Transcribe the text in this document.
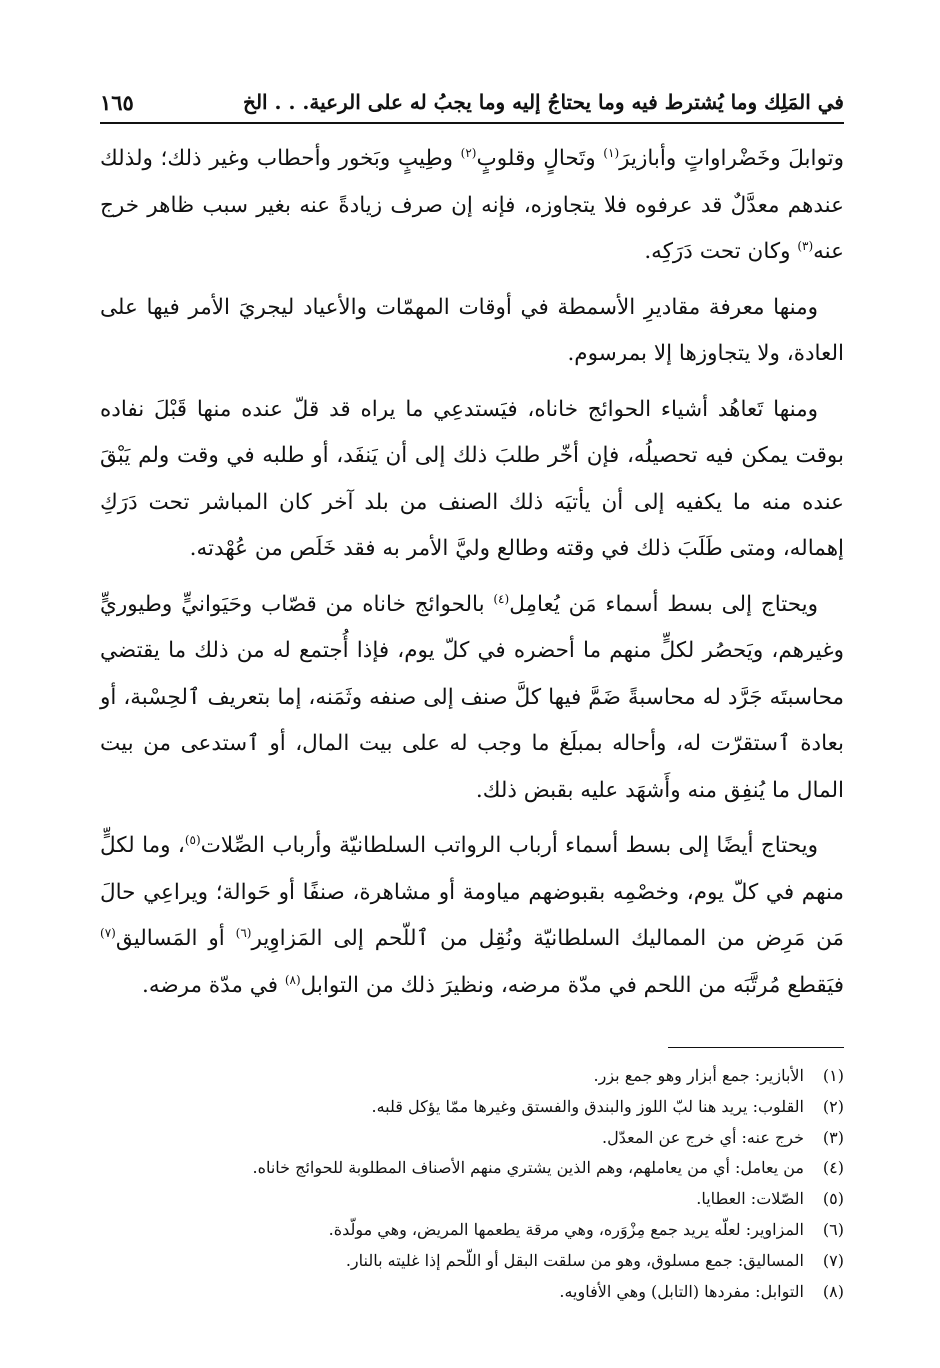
في المَلِك وما يُشترط فيه وما يحتاجُ إليه وما يجبُ له على الرعية. . . الخ
١٦٥

وتوابلَ وخَضْراواتٍ وأبازيرَ$^{(١)}$ وتَحالٍ وقلوبٍ$^{(٢)}$ وطِيبٍ وبَخور وأحطاب وغير ذلك؛ ولذلك عندهم معدَّلٌ قد عرفوه فلا يتجاوزه، فإنه إن صرف زيادةً عنه بغير سبب ظاهر خرج عنه$^{(٣)}$ وكان تحت دَرَكِه.

ومنها معرفة مقاديرِ الأسمطة في أوقات المهمّات والأعياد ليجريَ الأمر فيها على العادة، ولا يتجاوزها إلا بمرسوم.

ومنها تَعاهُد أشياء الحوائج خاناه، فيَستدعِي ما يراه قد قلّ عنده منها قَبْلَ نفاده بوقت يمكن فيه تحصيلُه، فإن أخّر طلبَ ذلك إلى أن يَنفَد، أو طلبه في وقت ولم يَبْقَ عنده منه ما يكفيه إلى أن يأتيَه ذلك الصنف من بلد آخر كان المباشر تحت دَرَكِ إهماله، ومتى طَلَبَ ذلك في وقته وطالع وليَّ الأمر به فقد خَلَص من عُهْدته.

ويحتاج إلى بسط أسماء مَن يُعامِل$^{(٤)}$ بالحوائج خاناه من قصّاب وحَيَوانيٍّ وطيوريٍّ وغيرهم، ويَحصُر لكلٍّ منهم ما أحضره في كلّ يوم، فإذا أُجتمع له من ذلك ما يقتضي محاسبتَه جَرَّد له محاسبةً ضَمَّ فيها كلَّ صنف إلى صنفه وثَمَنه، إما بتعريف ٱلحِسْبة، أو بعادة ٱستقرّت له، وأحاله بمبلَغ ما وجب له على بيت المال، أو ٱستدعى من بيت المال ما يُنفِق منه وأَشهَد عليه بقبض ذلك.

ويحتاج أيضًا إلى بسط أسماء أرباب الرواتب السلطانيّة وأرباب الصِّلات$^{(٥)}$، وما لكلٍّ منهم في كلّ يوم، وخصْمِه بقبوضهم مياومة أو مشاهرة، صنفًا أو حَوالة؛ ويراعِي حالَ مَن مَرِض من المماليك السلطانيّة ونُقِل من ٱللّحم إلى المَزاوِير$^{(٦)}$ أو المَساليق$^{(٧)}$ فيَقطع مُرتَّبَه من اللحم في مدّة مرضه، ونظيرَ ذلك من التوابل$^{(٨)}$ في مدّة مرضه.

(١)
الأبازير: جمع أبزار وهو جمع بزر.
(٢)
القلوب: يريد هنا لبّ اللوز والبندق والفستق وغيرها ممّا يؤكل قلبه.
(٣)
خرج عنه: أي خرج عن المعدّل.
(٤)
من يعامل: أي من يعاملهم، وهم الذين يشتري منهم الأصناف المطلوبة للحوائج خاناه.
(٥)
الصّلات: العطايا.
(٦)
المزاوير: لعلّه يريد جمع مِزْوَره، وهي مرقة يطعمها المريض، وهي مولّدة.
(٧)
المساليق: جمع مسلوق، وهو من سلقت البقل أو اللّحم إذا غليته بالنار.
(٨)
التوابل: مفردها (التابل) وهي الأفاويه.
